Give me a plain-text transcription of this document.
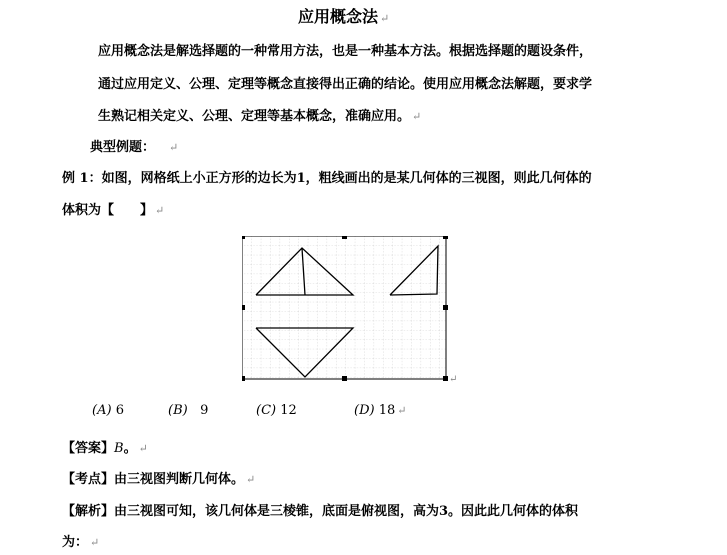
应用概念法 ↵
应用概念法是解选择题的一种常用方法，也是一种基本方法。根据选择题的题设条件，
通过应用定义、公理、定理等概念直接得出正确的结论。使用应用概念法解题，要求学
生熟记相关定义、公理、定理等基本概念，准确应用。 ↵
典型例题： ↵
例 1：如图，网格纸上小正方形的边长为1，粗线画出的是某几何体的三视图，则此几何体的
体积为【　　】 ↵
↵
(A) 6	(B) 9	(C) 12	(D) 18 ↵
【答案】B。 ↵
【考点】由三视图判断几何体。 ↵
【解析】由三视图可知，该几何体是三棱锥，底面是俯视图，高为3。因此此几何体的体积
为： ↵
